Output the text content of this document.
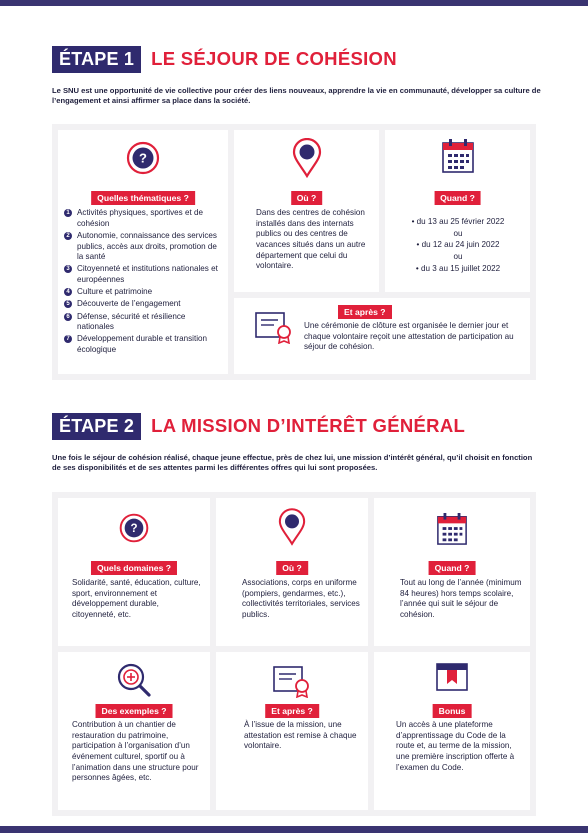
ÉTAPE 1 LE SÉJOUR DE COHÉSION
Le SNU est une opportunité de vie collective pour créer des liens nouveaux, apprendre la vie en communauté, développer sa culture de l’engagement et ainsi affirmer sa place dans la société.
?
Quelles thématiques ?
1 Activités physiques, sportives et de cohésion
2 Autonomie, connaissance des services publics, accès aux droits, promotion de la santé
3 Citoyenneté et institutions nationales et européennes
4 Culture et patrimoine
5 Découverte de l’engagement
6 Défense, sécurité et résilience nationales
7 Développement durable et transition écologique
Où ?
Dans des centres de cohésion installés dans des internats publics ou des centres de vacances situés dans un autre département que celui du volontaire.
Quand ?
• du 13 au 25 février 2022
ou
• du 12 au 24 juin 2022
ou
• du 3 au 15 juillet 2022
Et après ?
Une cérémonie de clôture est organisée le dernier jour et chaque volontaire reçoit une attestation de participation au séjour de cohésion.
ÉTAPE 2 LA MISSION D’INTÉRÊT GÉNÉRAL
Une fois le séjour de cohésion réalisé, chaque jeune effectue, près de chez lui, une mission d’intérêt général, qu’il choisit en fonction de ses disponibilités et de ses attentes parmi les différentes offres qui lui sont proposées.
?
Quels domaines ?
Solidarité, santé, éducation, culture, sport, environnement et développement durable, citoyenneté, etc.
Où ?
Associations, corps en uniforme (pompiers, gendarmes, etc.), collectivités territoriales, services publics.
Quand ?
Tout au long de l’année (minimum 84 heures) hors temps scolaire, l’année qui suit le séjour de cohésion.
Des exemples ?
Contribution à un chantier de restauration du patrimoine, participation à l’organisation d’un événement culturel, sportif ou à l’animation dans une structure pour personnes âgées, etc.
Et après ?
À l’issue de la mission, une attestation est remise à chaque volontaire.
Bonus
Un accès à une plateforme d’apprentissage du Code de la route et, au terme de la mission, une première inscription offerte à l’examen du Code.
